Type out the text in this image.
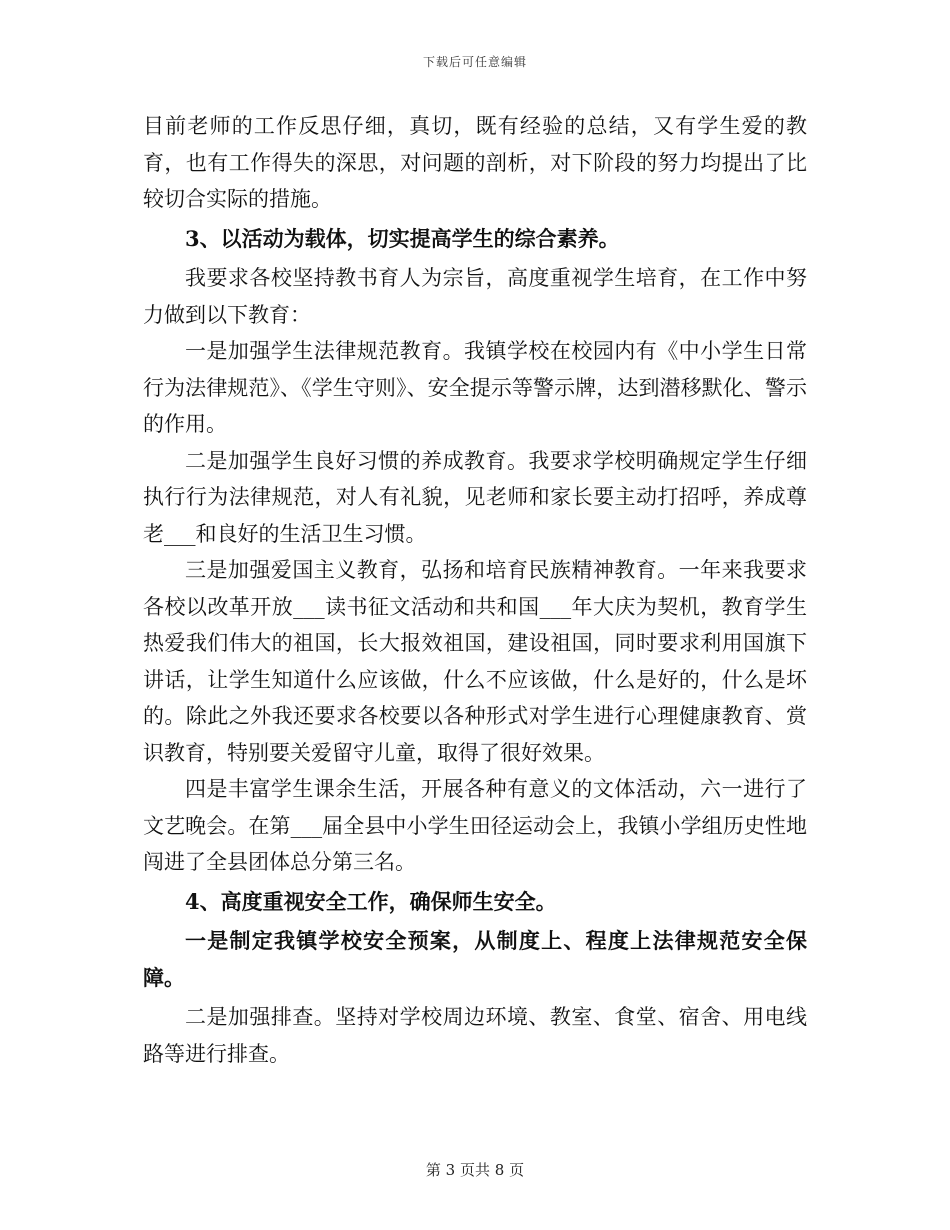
下载后可任意编辑

目前老师的工作反思仔细，真切，既有经验的总结，又有学生爱的教育，也有工作得失的深思，对问题的剖析，对下阶段的努力均提出了比较切合实际的措施。

3、以活动为载体，切实提高学生的综合素养。

我要求各校坚持教书育人为宗旨，高度重视学生培育，在工作中努力做到以下教育：

一是加强学生法律规范教育。我镇学校在校园内有《中小学生日常行为法律规范》、《学生守则》、安全提示等警示牌，达到潜移默化、警示的作用。

二是加强学生良好习惯的养成教育。我要求学校明确规定学生仔细执行行为法律规范，对人有礼貌，见老师和家长要主动打招呼，养成尊老___和良好的生活卫生习惯。

三是加强爱国主义教育，弘扬和培育民族精神教育。一年来我要求各校以改革开放___读书征文活动和共和国___年大庆为契机，教育学生热爱我们伟大的祖国，长大报效祖国，建设祖国，同时要求利用国旗下讲话，让学生知道什么应该做，什么不应该做，什么是好的，什么是坏的。除此之外我还要求各校要以各种形式对学生进行心理健康教育、赏识教育，特别要关爱留守儿童，取得了很好效果。

四是丰富学生课余生活，开展各种有意义的文体活动，六一进行了文艺晚会。在第___届全县中小学生田径运动会上，我镇小学组历史性地闯进了全县团体总分第三名。

4、高度重视安全工作，确保师生安全。

一是制定我镇学校安全预案，从制度上、程度上法律规范安全保障。

二是加强排查。坚持对学校周边环境、教室、食堂、宿舍、用电线路等进行排查。

第 3 页共 8 页
